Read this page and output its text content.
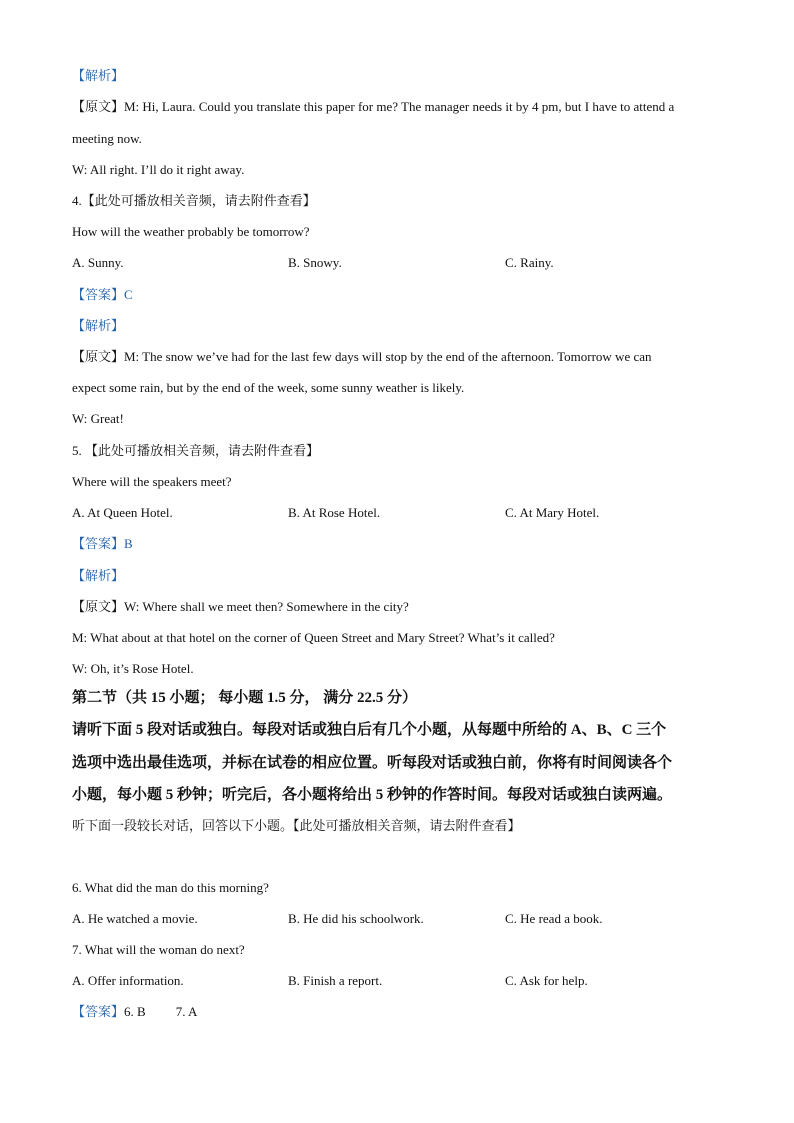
【解析】
【原文】M: Hi, Laura. Could you translate this paper for me? The manager needs it by 4 pm, but I have to attend a
meeting now.
W: All right. I’ll do it right away.
4.【此处可播放相关音频，请去附件查看】
How will the weather probably be tomorrow?
A. Sunny.	B. Snowy.	C. Rainy.
【答案】C
【解析】
【原文】M: The snow we’ve had for the last few days will stop by the end of the afternoon. Tomorrow we can
expect some rain, but by the end of the week, some sunny weather is likely.
W: Great!
5. 【此处可播放相关音频，请去附件查看】
Where will the speakers meet?
A. At Queen Hotel.	B. At Rose Hotel.	C. At Mary Hotel.
【答案】B
【解析】
【原文】W: Where shall we meet then? Somewhere in the city?
M: What about at that hotel on the corner of Queen Street and Mary Street? What’s it called?
W: Oh, it’s Rose Hotel.
第二节（共 15 小题； 每小题 1.5 分， 满分 22.5 分）
请听下面 5 段对话或独白。每段对话或独白后有几个小题，从每题中所给的 A、B、C 三个
选项中选出最佳选项，并标在试卷的相应位置。听每段对话或独白前，你将有时间阅读各个
小题，每小题 5 秒钟；听完后，各小题将给出 5 秒钟的作答时间。每段对话或独白读两遍。
听下面一段较长对话，回答以下小题。【此处可播放相关音频，请去附件查看】
6. What did the man do this morning?
A. He watched a movie.	B. He did his schoolwork.	C. He read a book.
7. What will the woman do next?
A. Offer information.	B. Finish a report.	C. Ask for help.
【答案】6. B 7. A
